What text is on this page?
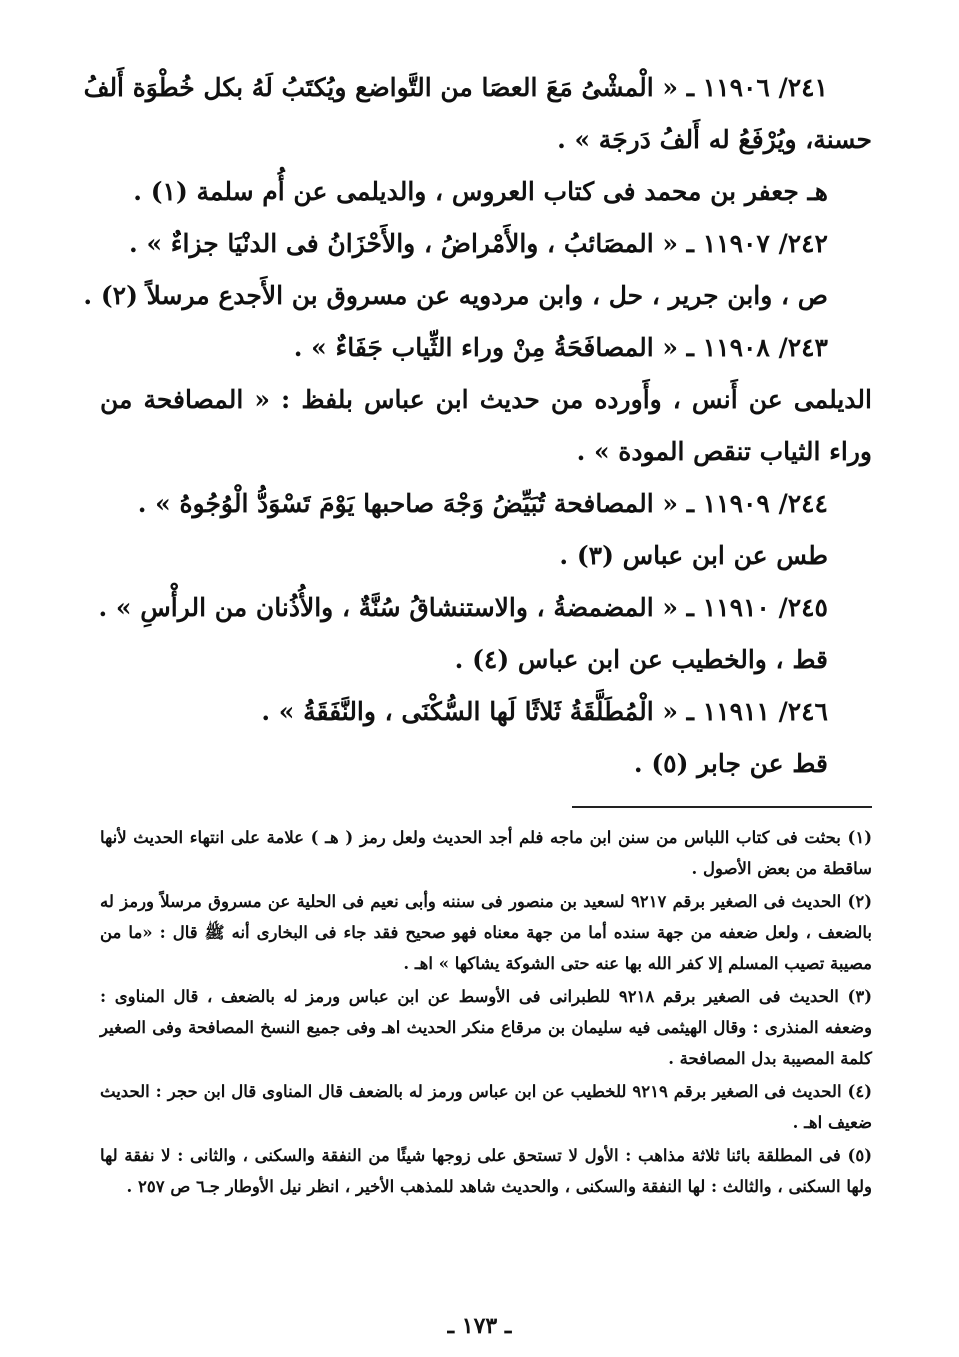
٢٤١/ ١١٩٠٦ ـ « الْمشْىُ مَعَ العصَا من التَّواضع ويُكتَبُ لَهُ بكل خُطْوَة أَلفُ

حسنة، ويُرْفَعُ له أَلفُ دَرجَة » .

هـ جعفر بن محمد فى كتاب العروس ، والديلمى عن أُم سلمة (١) .

٢٤٢/ ١١٩٠٧ ـ « المصَائبُ ، والأَمْراضُ ، والأَحْزَانُ فى الدنْيَا جزاءٌ » .

ص ، وابن جرير ، حل ، وابن مردويه عن مسروق بن الأَجدع مرسلاً (٢) .

٢٤٣/ ١١٩٠٨ ـ « المصافَحَةُ مِنْ وراء الثِّياب جَفَاءٌ » .

الديلمى عن أَنس ، وأَورده من حديث ابن عباس بلفظ : « المصافحة من وراء الثياب تنقص المودة » .

٢٤٤/ ١١٩٠٩ ـ « المصافحة تُبَيِّضُ وَجْهَ صاحبها يَوْمَ تَسْوَدُّ الْوُجُوهُ » .

طس عن ابن عباس (٣) .

٢٤٥/ ١١٩١٠ ـ « المضمضةُ ، والاستنشاقُ سُنَّةٌ ، والأُذُنان من الرأْسِ » .

قط ، والخطيب عن ابن عباس (٤) .

٢٤٦/ ١١٩١١ ـ « الْمُطَلَّقَةُ ثَلاثًا لَها السُّكْنَى ، والنَّفَقَةُ » .

قط عن جابر (٥) .

(١) بحثت فى كتاب اللباس من سنن ابن ماجه فلم أجد الحديث ولعل رمز ( هـ ) علامة على انتهاء الحديث لأنها ساقطة من بعض الأصول .

(٢) الحديث فى الصغير برقم ٩٢١٧ لسعيد بن منصور فى سننه وأبى نعيم فى الحلية عن مسروق مرسلاً ورمز له بالضعف ، ولعل ضعفه من جهة سنده أما من جهة معناه فهو صحيح فقد جاء فى البخارى أنه ﷺ قال : «ما من مصيبة تصيب المسلم إلا كفر الله بها عنه حتى الشوكة يشاكها » اهـ .

(٣) الحديث فى الصغير برقم ٩٢١٨ للطبرانى فى الأوسط عن ابن عباس ورمز له بالضعف ، قال المناوى : وضعفه المنذرى : وقال الهيثمى فيه سليمان بن مرقاع منكر الحديث اهـ وفى جميع النسخ المصافحة وفى الصغير كلمة المصيبة بدل المصافحة .

(٤) الحديث فى الصغير برقم ٩٢١٩ للخطيب عن ابن عباس ورمز له بالضعف قال المناوى قال ابن حجر : الحديث ضعيف اهـ .

(٥) فى المطلقة بائنا ثلاثة مذاهب : الأول لا تستحق على زوجها شيئًا من النفقة والسكنى ، والثانى : لا نفقة لها ولها السكنى ، والثالث : لها النفقة والسكنى ، والحديث شاهد للمذهب الأخير ، انظر نيل الأوطار جـ٦ ص ٢٥٧ .

ـ ١٧٣ ـ
